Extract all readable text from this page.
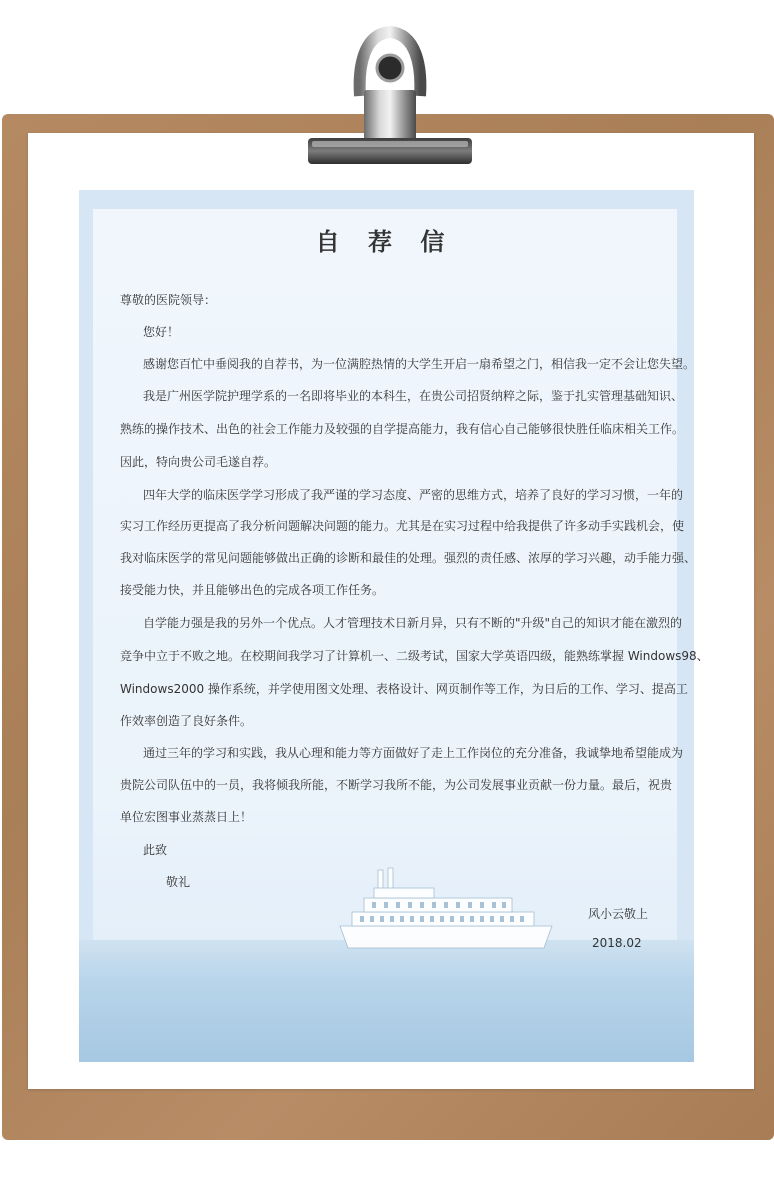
自 荐 信
尊敬的医院领导：
您好！
感谢您百忙中垂阅我的自荐书，为一位满腔热情的大学生开启一扇希望之门，相信我一定不会让您失望。
我是广州医学院护理学系的一名即将毕业的本科生，在贵公司招贤纳粹之际，鉴于扎实管理基础知识、
熟练的操作技术、出色的社会工作能力及较强的自学提高能力，我有信心自己能够很快胜任临床相关工作。
因此，特向贵公司毛遂自荐。
四年大学的临床医学学习形成了我严谨的学习态度、严密的思维方式，培养了良好的学习习惯，一年的
实习工作经历更提高了我分析问题解决问题的能力。尤其是在实习过程中给我提供了许多动手实践机会，使
我对临床医学的常见问题能够做出正确的诊断和最佳的处理。强烈的责任感、浓厚的学习兴趣，动手能力强、
接受能力快，并且能够出色的完成各项工作任务。
自学能力强是我的另外一个优点。人才管理技术日新月异，只有不断的"升级"自己的知识才能在激烈的
竞争中立于不败之地。在校期间我学习了计算机一、二级考试，国家大学英语四级，能熟练掌握 Windows98、
Windows2000 操作系统，并学使用图文处理、表格设计、网页制作等工作，为日后的工作、学习、提高工
作效率创造了良好条件。
通过三年的学习和实践，我从心理和能力等方面做好了走上工作岗位的充分准备，我诚挚地希望能成为
贵院公司队伍中的一员，我将倾我所能，不断学习我所不能，为公司发展事业贡献一份力量。最后，祝贵
单位宏图事业蒸蒸日上！
此致
敬礼
风小云敬上
2018.02
